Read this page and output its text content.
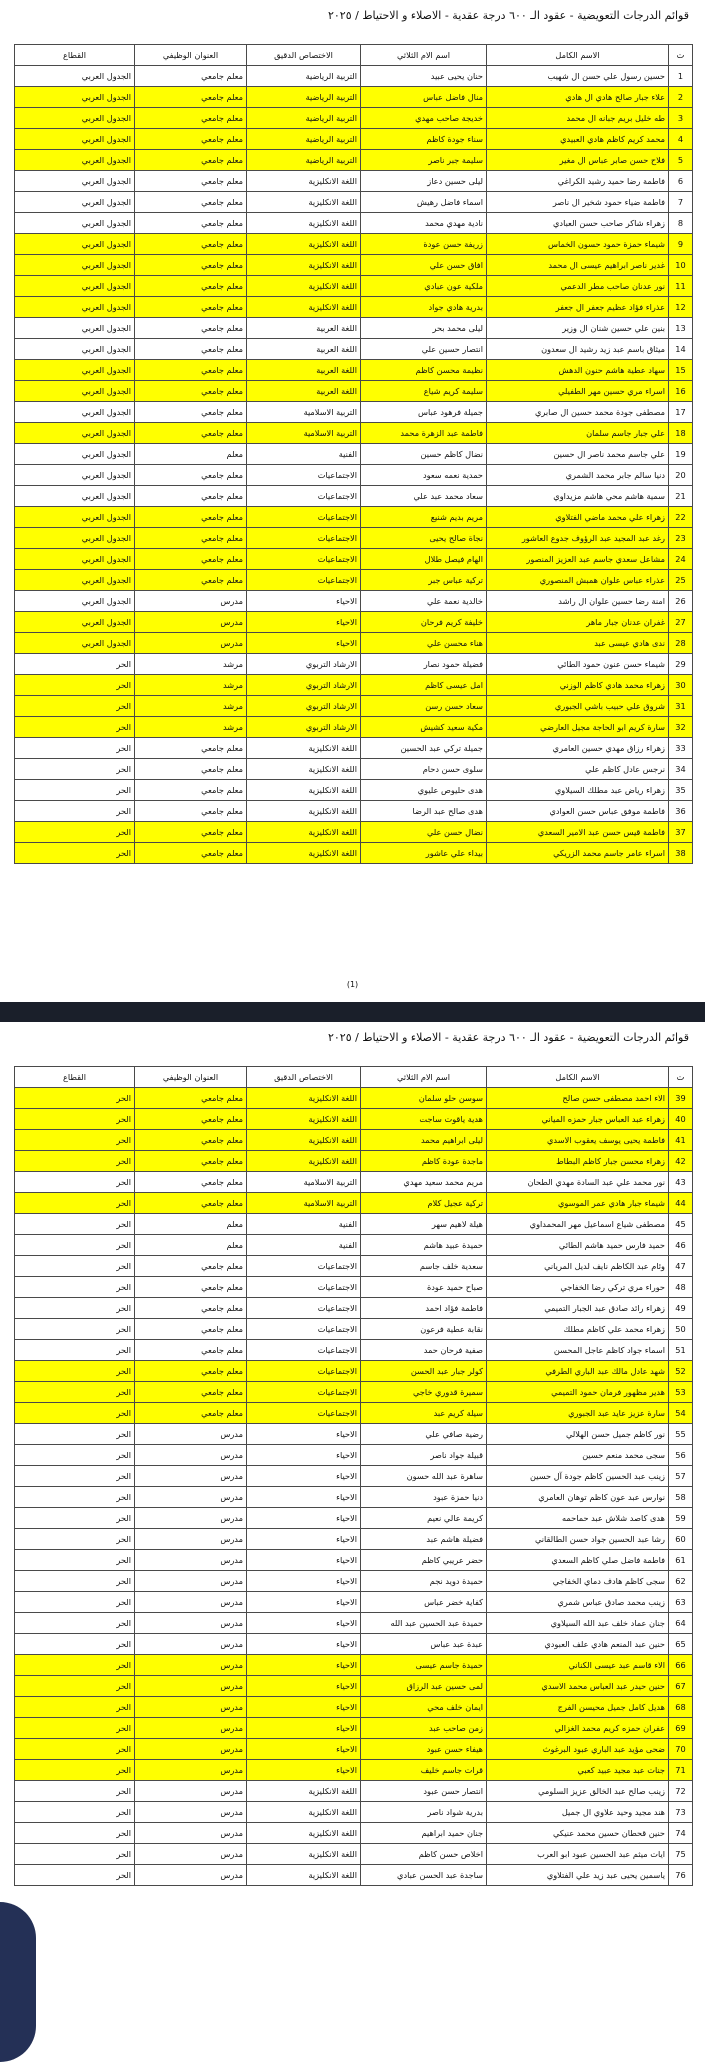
قوائم الدرجات التعويضية - عقود الـ ٦٠٠ درجة عقدية - الاصلاء و الاحتياط / ٢٠٢٥
ت	الاسم الكامل	اسم الام الثلاثي	الاختصاص الدقيق	العنوان الوظيفي	القطاع
1	حسين رسول علي حسن ال شهيب	حنان يحيى عبيد	التربية الرياضية	معلم جامعي	الجدول العربي
2	علاء جبار صالح هادي ال هادي	منال فاضل عباس	التربية الرياضية	معلم جامعي	الجدول العربي
3	طه خليل بريم جبانه ال محمد	خديجة صاحب مهدي	التربية الرياضية	معلم جامعي	الجدول العربي
4	محمد كريم كاظم هادي العبيدي	سناء جودة كاظم	التربية الرياضية	معلم جامعي	الجدول العربي
5	فلاح حسن صابر عباس ال مغير	سليمة جبر ناصر	التربية الرياضية	معلم جامعي	الجدول العربي
6	فاطمة رضا حميد رشيد الكراغي	ليلى حسين دعاز	اللغة الانكليزية	معلم جامعي	الجدول العربي
7	فاطمة ضياء حمود شخير ال ناصر	اسماء فاضل رهيش	اللغة الانكليزية	معلم جامعي	الجدول العربي
8	زهراء شاكر صاحب حسن العبادي	نادية مهدي محمد	اللغة الانكليزية	معلم جامعي	الجدول العربي
9	شيماء حمزة حمود حسون الخماس	زريفة حسن عودة	اللغة الانكليزية	معلم جامعي	الجدول العربي
10	غدير ناصر ابراهيم عيسى ال محمد	افاق حسن علي	اللغة الانكليزية	معلم جامعي	الجدول العربي
11	نور عدنان صاحب مطر الدعمي	ملكية عون عبادي	اللغة الانكليزية	معلم جامعي	الجدول العربي
12	عذراء فؤاد عظيم جعفر ال جعفر	بدرية هادي جواد	اللغة الانكليزية	معلم جامعي	الجدول العربي
13	بنين علي حسين شنان ال وزير	ليلى محمد بحر	اللغة العربية	معلم جامعي	الجدول العربي
14	ميثاق باسم عبد زيد رشيد ال سعدون	انتصار حسين علي	اللغة العربية	معلم جامعي	الجدول العربي
15	سهاد عطية هاشم حنون الدهش	نظيمة محسن كاظم	اللغة العربية	معلم جامعي	الجدول العربي
16	اسراء مري حسين مهر الطفيلي	سليمة كريم شياع	اللغة العربية	معلم جامعي	الجدول العربي
17	مصطفى جودة محمد حسين ال صابري	جميلة فرهود عباس	التربية الاسلامية	معلم جامعي	الجدول العربي
18	علي جبار جاسم سلمان	فاطمة عبد الزهرة محمد	التربية الاسلامية	معلم جامعي	الجدول العربي
19	علي جاسم محمد ناصر ال حسين	نضال كاظم حسين	الفنية	معلم	الجدول العربي
20	دنيا سالم جابر محمد الشمري	حمدية نعمه سعود	الاجتماعيات	معلم جامعي	الجدول العربي
21	سمية هاشم محي هاشم مزيداوي	سعاد محمد عبد علي	الاجتماعيات	معلم جامعي	الجدول العربي
22	زهراء علي محمد ماضي الفتلاوي	مريم بديم شنيع	الاجتماعيات	معلم جامعي	الجدول العربي
23	رغد عبد المجيد عبد الرؤوف جدوع العاشور	نجاة صالح يحيى	الاجتماعيات	معلم جامعي	الجدول العربي
24	مشاعل سعدي جاسم عبد العزيز المنصور	الهام فيصل طلال	الاجتماعيات	معلم جامعي	الجدول العربي
25	عذراء عباس علوان همبش المنصوري	تركية عباس جبر	الاجتماعيات	معلم جامعي	الجدول العربي
26	امنة رضا حسين علوان ال راشد	خالدية نعمة علي	الاحياء	مدرس	الجدول العربي
27	غفران عدنان جبار ماهر	خليفة كريم فرحان	الاحياء	مدرس	الجدول العربي
28	ندى هادي عيسى عبد	هناء محسن علي	الاحياء	مدرس	الجدول العربي
29	شيماء حسن عنون حمود الطائي	فضيلة حمود نصار	الارشاد التربوي	مرشد	الحر
30	زهراء محمد هادي كاظم الوزني	امل عيسى كاظم	الارشاد التربوي	مرشد	الحر
31	شروق علي حبيب باشي الجبوري	سعاد حسن رسن	الارشاد التربوي	مرشد	الحر
32	سارة كريم ابو الحاجة مجيل العارضي	مكية سعيد كشيش	الارشاد التربوي	مرشد	الحر
33	زهراء رزاق مهدي حسين العامري	جميلة تركي عبد الحسين	اللغة الانكليزية	معلم جامعي	الحر
34	نرجس عادل كاظم علي	سلوى حسن دحام	اللغة الانكليزية	معلم جامعي	الحر
35	زهراء رياض عبد مطلك السيلاوي	هدى حليوص عليوي	اللغة الانكليزية	معلم جامعي	الحر
36	فاطمة موفق عباس حسن العوادي	هدى صالح عبد الرضا	اللغة الانكليزية	معلم جامعي	الحر
37	فاطمة قيس حسن عبد الامير السعدي	نضال حسن علي	اللغة الانكليزية	معلم جامعي	الحر
38	اسراء عامر جاسم محمد الزريكي	بيداء علي عاشور	اللغة الانكليزية	معلم جامعي	الحر
(1)
قوائم الدرجات التعويضية - عقود الـ ٦٠٠ درجة عقدية - الاصلاء و الاحتياط / ٢٠٢٥
ت	الاسم الكامل	اسم الام الثلاثي	الاختصاص الدقيق	العنوان الوظيفي	القطاع
39	الاء احمد مصطفى حسن صالح	سوسن حلو سلمان	اللغة الانكليزية	معلم جامعي	الحر
40	زهراء عبد العباس جبار حمزه المياني	هدية ياقوت ساجت	اللغة الانكليزية	معلم جامعي	الحر
41	فاطمة يحيى يوسف يعقوب الاسدي	ليلى ابراهيم محمد	اللغة الانكليزية	معلم جامعي	الحر
42	زهراء محسن جبار كاظم البطاط	ماجدة عودة كاظم	اللغة الانكليزية	معلم جامعي	الحر
43	نور محمد علي عبد السادة مهدي الطحان	مريم محمد سعيد مهدي	التربية الاسلامية	معلم جامعي	الحر
44	شيماء جبار هادي عمر الموسوي	تركية عجيل كلام	التربية الاسلامية	معلم جامعي	الحر
45	مصطفى شياع اسماعيل مهر المحمداوي	هيلة لاهيم سهر	الفنية	معلم	الحر
46	حميد فارس حميد هاشم الطائي	حميدة عبيد هاشم	الفنية	معلم	الحر
47	وئام عبد الكاظم نايف لديل المرياني	سعدية خلف جاسم	الاجتماعيات	معلم جامعي	الحر
48	حوراء مري تركي رضا الخفاجي	صباح حميد عودة	الاجتماعيات	معلم جامعي	الحر
49	زهراء رائد صادق عبد الجبار التميمي	فاطمة فؤاد احمد	الاجتماعيات	معلم جامعي	الحر
50	زهراء محمد علي كاظم مطلك	نقابة عطية فرعون	الاجتماعيات	معلم جامعي	الحر
51	اسماء جواد كاظم عاجل المحسن	صفية فرحان حمد	الاجتماعيات	معلم جامعي	الحر
52	شهد عادل مالك عبد الباري الطرفي	كولر جبار عبد الحسن	الاجتماعيات	معلم جامعي	الحر
53	هدير مظهور فرمان حمود التميمي	سميرة قدوري خاجي	الاجتماعيات	معلم جامعي	الحر
54	سارة عزيز عايد عبد الجبوري	سيلة كريم عبد	الاجتماعيات	معلم جامعي	الحر
55	نور كاظم جميل حسن الهلالي	رضية صافي علي	الاحياء	مدرس	الحر
56	سجى محمد منعم حسين	قبيلة جواد ناصر	الاحياء	مدرس	الحر
57	زينب عبد الحسين كاظم جودة آل حسين	ساهرة عبد الله حسون	الاحياء	مدرس	الحر
58	نوارس عبد عون كاظم توهان العامري	دنيا حمزة عبود	الاحياء	مدرس	الحر
59	هدى كاصد شلاش عبد حماحمه	كريمة عالي نعيم	الاحياء	مدرس	الحر
60	رشا عبد الحسين جواد حسن الطالقاني	فضيلة هاشم عبد	الاحياء	مدرس	الحر
61	فاطمة فاضل صلي كاظم السعدي	حضر عريبي كاظم	الاحياء	مدرس	الحر
62	سجى كاظم هادف دماي الخفاجي	حميدة دويد نجم	الاحياء	مدرس	الحر
63	زينب محمد صادق عباس شمري	كفاية خضر عباس	الاحياء	مدرس	الحر
64	جنان عماد خلف عبد الله السيلاوي	حميدة عبد الحسين عبد الله	الاحياء	مدرس	الحر
65	حنين عبد المنعم هادي علف العبودي	عبدة عبد عباس	الاحياء	مدرس	الحر
66	الاء قاسم عبد عيسى الكناني	حميدة جاسم عيسى	الاحياء	مدرس	الحر
67	حنين حيدر عبد العباس محمد الاسدي	لمى حسين عبد الرزاق	الاحياء	مدرس	الحر
68	هديل كامل جميل محيسن الفرج	ايمان خلف محي	الاحياء	مدرس	الحر
69	عفران حمزه كريم محمد الغزالي	زمن صاحب عبد	الاحياء	مدرس	الحر
70	ضحى مؤيد عبد الباري عبود البرغوث	هيفاء حسن عبود	الاحياء	مدرس	الحر
71	جنات عبد مجيد عبيد كعبي	قرات جاسم خليف	الاحياء	مدرس	الحر
72	زينب صالح عبد الخالق عزيز السلومي	انتصار حسن عبود	اللغة الانكليزية	مدرس	الحر
73	هند مجيد وحيد علاوي ال جميل	بدرية شواد ناصر	اللغة الانكليزية	مدرس	الحر
74	حنين قحطان حسين محمد عنيكي	جنان حميد ابراهيم	اللغة الانكليزية	مدرس	الحر
75	ايات ميثم عبد الحسين عبود ابو العرب	اخلاص حسن كاظم	اللغة الانكليزية	مدرس	الحر
76	ياسمين يحيى عبد زيد علي الفتلاوي	ساجدة عبد الحسن عبادي	اللغة الانكليزية	مدرس	الحر
